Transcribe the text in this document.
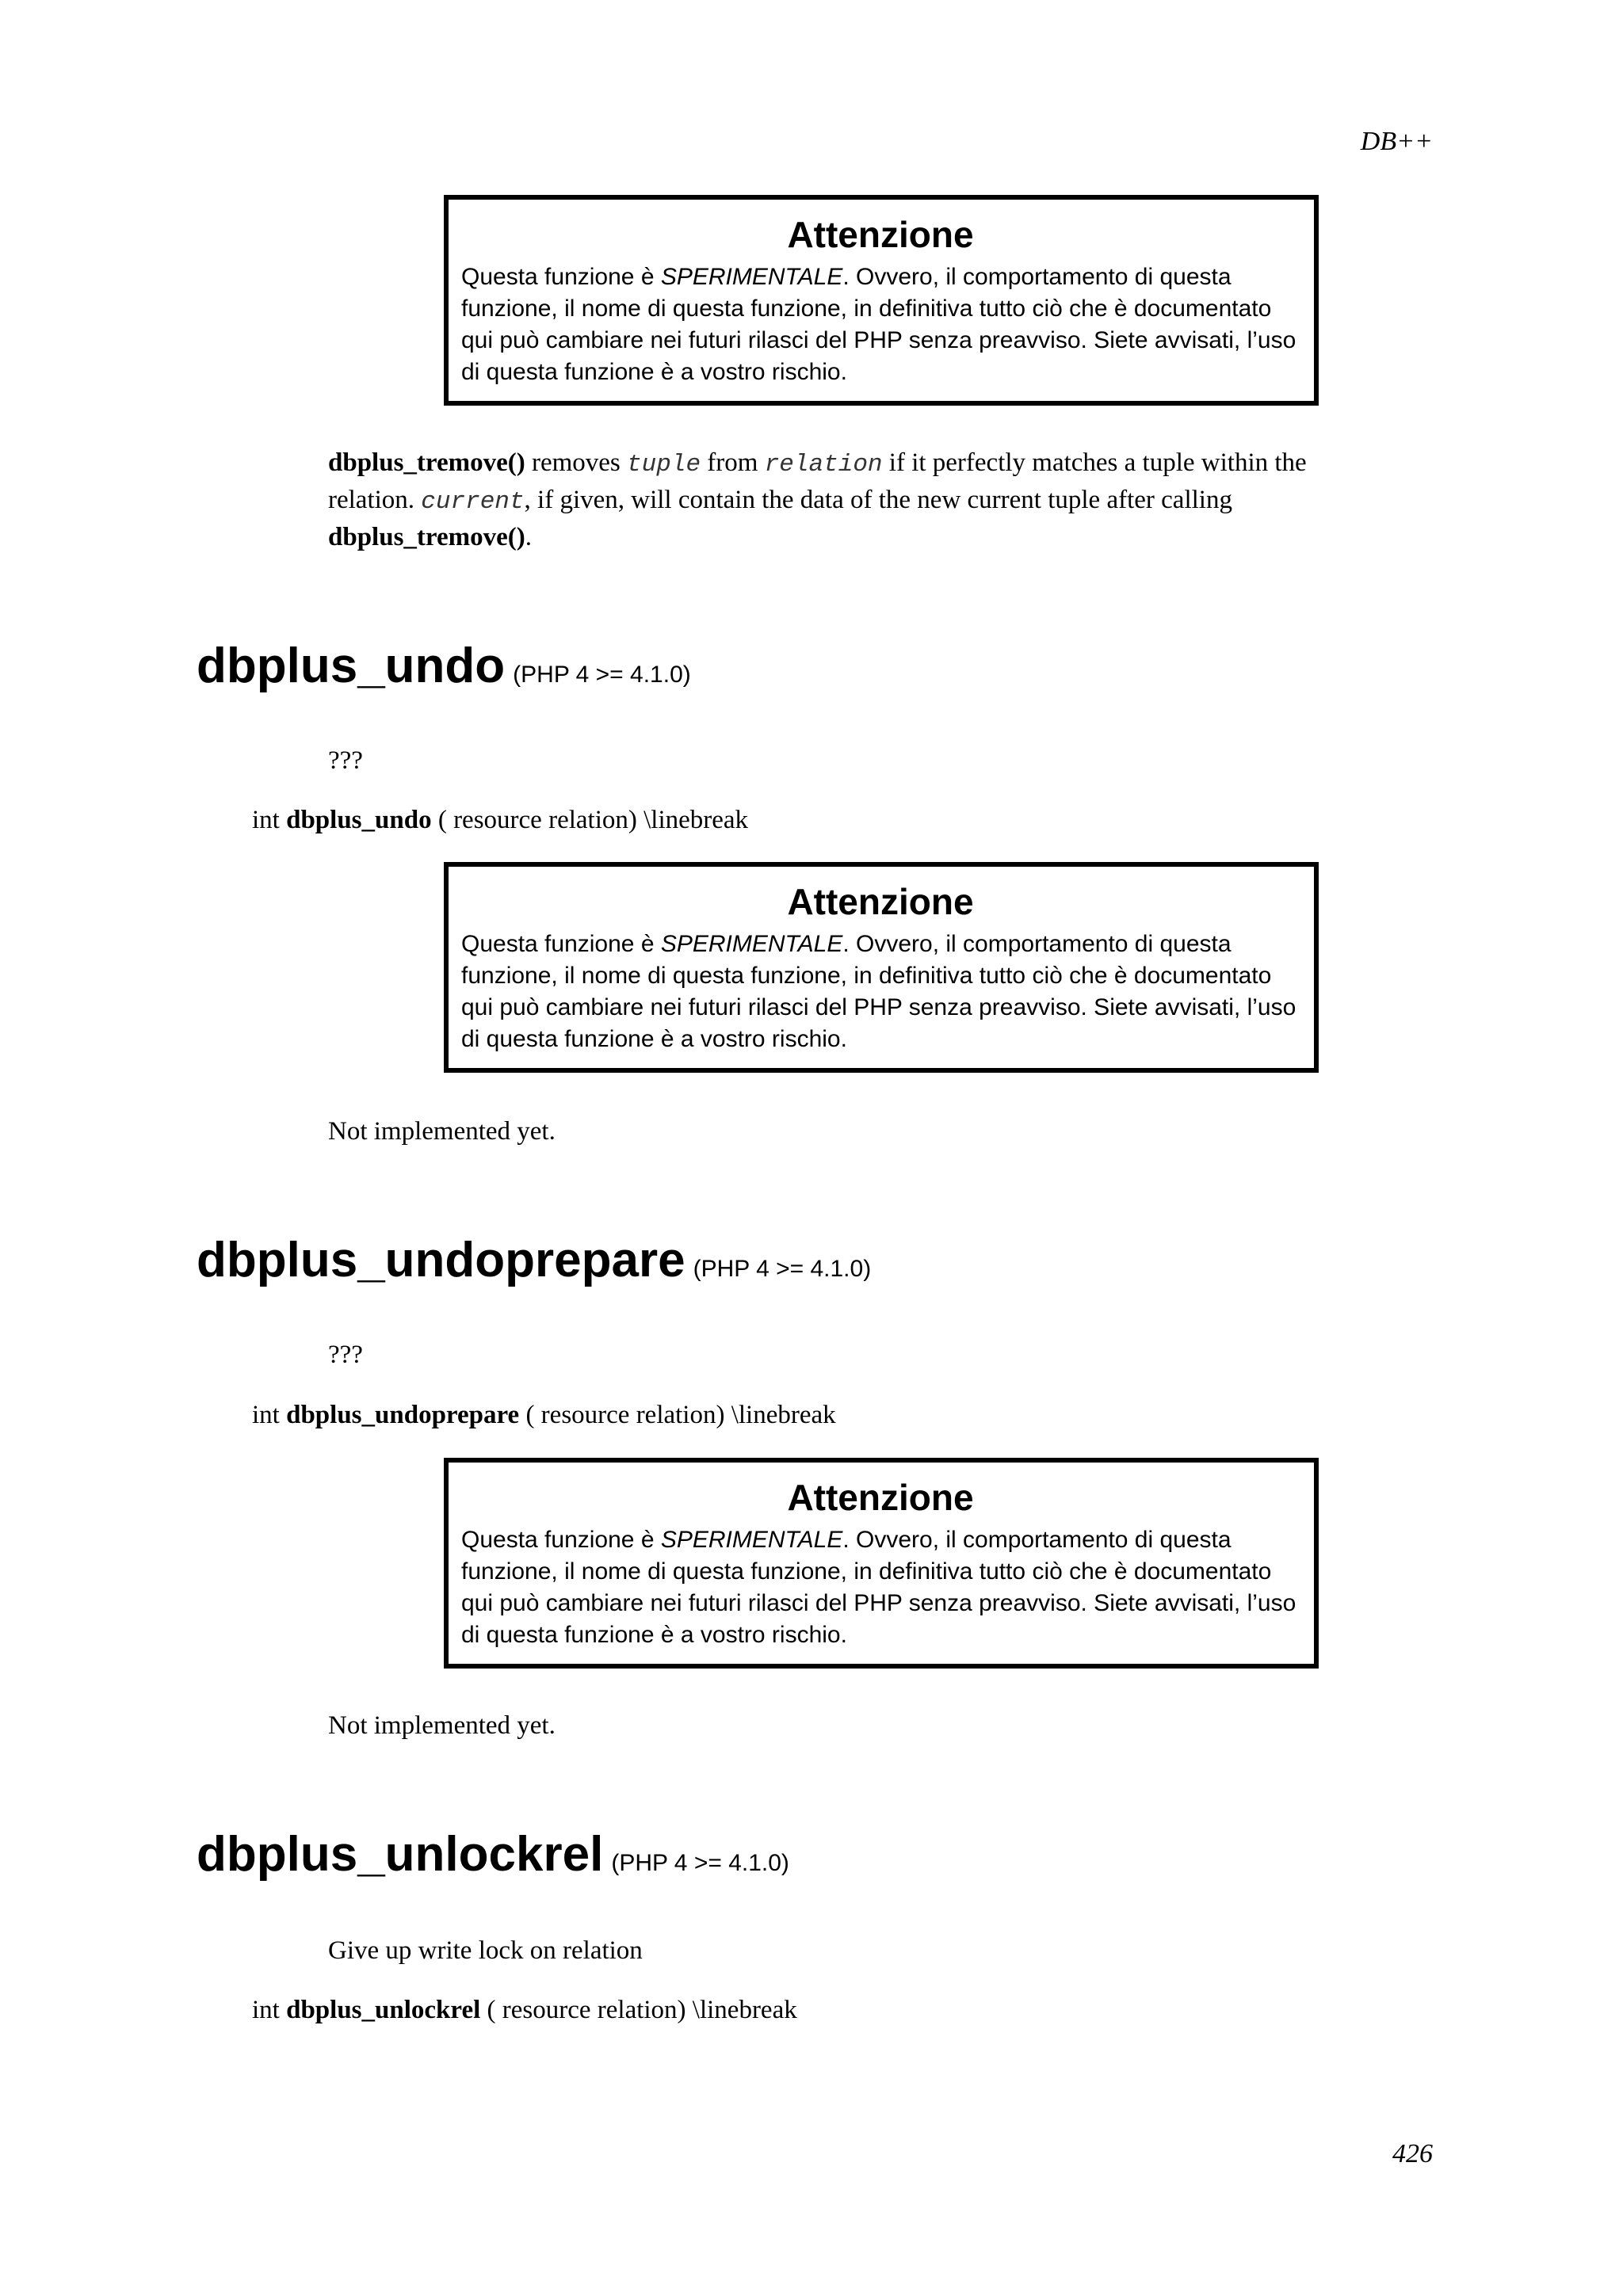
DB++
Attenzione
Questa funzione è SPERIMENTALE. Ovvero, il comportamento di questa funzione, il nome di questa funzione, in definitiva tutto ciò che è documentato qui può cambiare nei futuri rilasci del PHP senza preavviso. Siete avvisati, l’uso di questa funzione è a vostro rischio.
dbplus_tremove() removes tuple from relation if it perfectly matches a tuple within the relation. current, if given, will contain the data of the new current tuple after calling dbplus_tremove().
dbplus_undo (PHP 4 >= 4.1.0)
???
int dbplus_undo ( resource relation) \linebreak
Attenzione
Questa funzione è SPERIMENTALE. Ovvero, il comportamento di questa funzione, il nome di questa funzione, in definitiva tutto ciò che è documentato qui può cambiare nei futuri rilasci del PHP senza preavviso. Siete avvisati, l’uso di questa funzione è a vostro rischio.
Not implemented yet.
dbplus_undoprepare (PHP 4 >= 4.1.0)
???
int dbplus_undoprepare ( resource relation) \linebreak
Attenzione
Questa funzione è SPERIMENTALE. Ovvero, il comportamento di questa funzione, il nome di questa funzione, in definitiva tutto ciò che è documentato qui può cambiare nei futuri rilasci del PHP senza preavviso. Siete avvisati, l’uso di questa funzione è a vostro rischio.
Not implemented yet.
dbplus_unlockrel (PHP 4 >= 4.1.0)
Give up write lock on relation
int dbplus_unlockrel ( resource relation) \linebreak
426
